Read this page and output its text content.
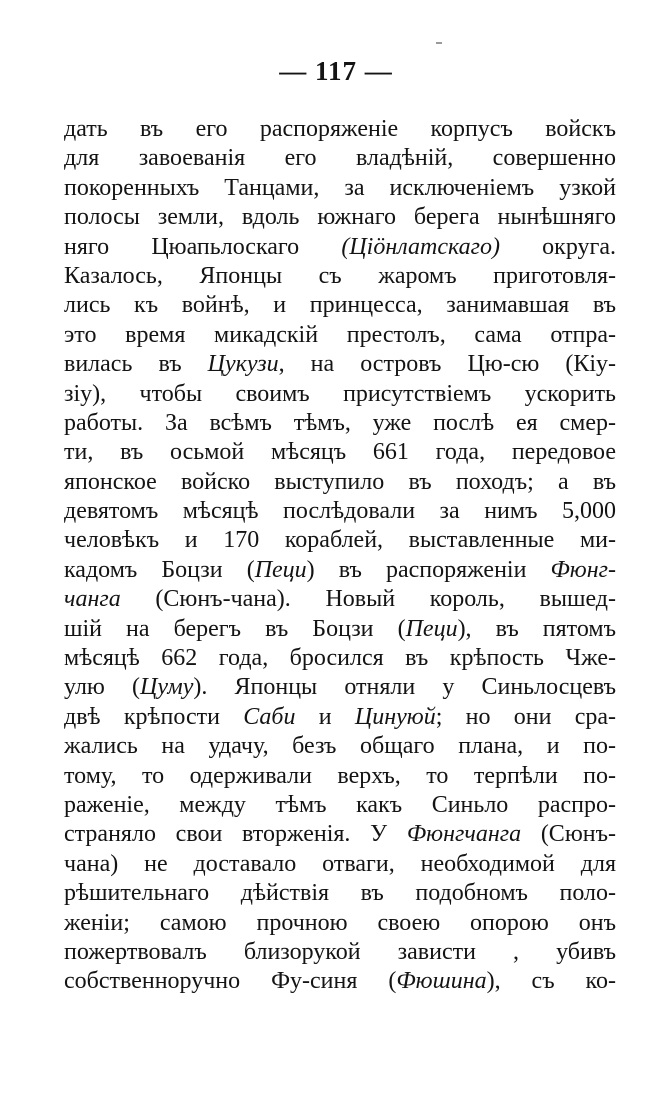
— 117 —
дать въ его распоряженіе корпусъ войскъ
для завоеванія его владѣній, совершенно
покоренныхъ Танцами, за исключеніемъ узкой
полосы земли, вдоль южнаго берега нынѣшняго
няго Цюапьлоскаго (Цiöнлатскаго) округа.
Казалось, Японцы съ жаромъ приготовля-
лись къ войнѣ, и принцесса, занимавшая въ
это время микадскій престолъ, сама отпра-
вилась въ Цукузи, на островъ Цю-сю (Кіу-
зіу), чтобы своимъ присутствіемъ ускорить
работы. За всѣмъ тѣмъ, уже послѣ ея смер-
ти, въ осьмой мѣсяцъ 661 года, передовое
японское войско выступило въ походъ; а въ
девятомъ мѣсяцѣ послѣдовали за нимъ 5,000
человѣкъ и 170 кораблей, выставленные ми-
кадомъ Боцзи (Пеци) въ распоряженіи Фюнг-
чанга (Сюнъ-чана). Новый король, вышед-
шій на берегъ въ Боцзи (Пеци), въ пятомъ
мѣсяцѣ 662 года, бросился въ крѣпость Чже-
улю (Цуму). Японцы отняли у Синьлосцевъ
двѣ крѣпости Саби и Цинуюй; но они сра-
жались на удачу, безъ общаго плана, и по-
тому, то одерживали верхъ, то терпѣли по-
раженіе, между тѣмъ какъ Синьло распро-
страняло свои вторженія. У Фюнгчанга (Сюнъ-
чана) не доставало отваги, необходимой для
рѣшительнаго дѣйствія въ подобномъ поло-
женіи; самою прочною своею опорою онъ
пожертвовалъ близорукой зависти , убивъ
собственноручно Фу-синя (Фюшина), съ ко-
